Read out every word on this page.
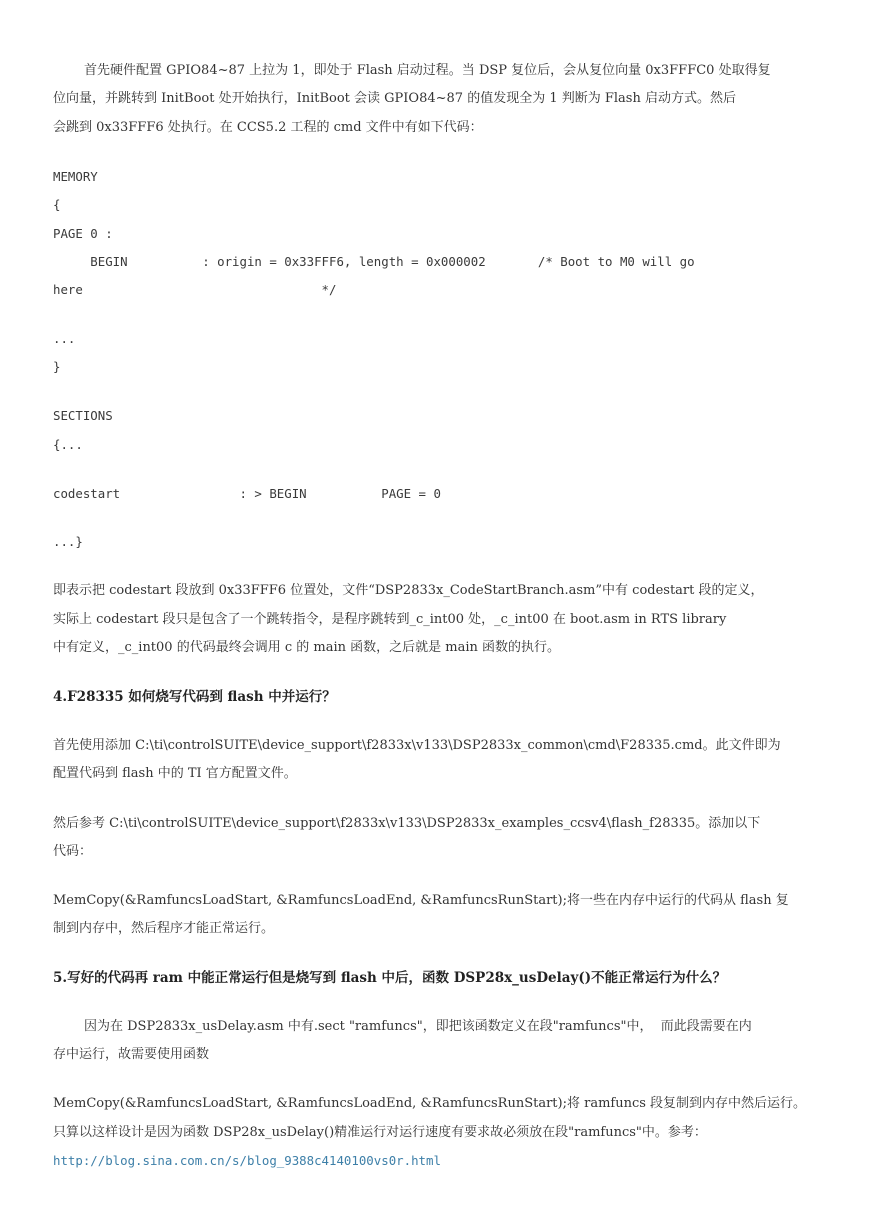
首先硬件配置 GPIO84~87 上拉为 1，即处于 Flash 启动过程。当 DSP 复位后，会从复位向量 0x3FFFC0 处取得复
位向量，并跳转到 InitBoot 处开始执行，InitBoot 会读 GPIO84~87 的值发现全为 1 判断为 Flash 启动方式。然后
会跳到 0x33FFF6 处执行。在 CCS5.2 工程的 cmd 文件中有如下代码：
MEMORY
{
PAGE 0 :
BEGIN          : origin = 0x33FFF6, length = 0x000002       /* Boot to M0 will go
here                                */
...
}
SECTIONS
{...
codestart                : > BEGIN          PAGE = 0
...}
即表示把 codestart 段放到 0x33FFF6 位置处，文件“DSP2833x_CodeStartBranch.asm”中有 codestart 段的定义，
实际上 codestart 段只是包含了一个跳转指令，是程序跳转到_c_int00 处，_c_int00 在 boot.asm in RTS library
中有定义，_c_int00 的代码最终会调用 c 的 main 函数，之后就是 main 函数的执行。
4.F28335 如何烧写代码到 flash 中并运行？
首先使用添加 C:\ti\controlSUITE\device_support\f2833x\v133\DSP2833x_common\cmd\F28335.cmd。此文件即为
配置代码到 flash 中的 TI 官方配置文件。
然后参考 C:\ti\controlSUITE\device_support\f2833x\v133\DSP2833x_examples_ccsv4\flash_f28335。添加以下
代码：
MemCopy(&RamfuncsLoadStart, &RamfuncsLoadEnd, &RamfuncsRunStart);将一些在内存中运行的代码从 flash 复
制到内存中，然后程序才能正常运行。
5.写好的代码再 ram 中能正常运行但是烧写到 flash 中后，函数 DSP28x_usDelay()不能正常运行为什么？
因为在 DSP2833x_usDelay.asm 中有.sect "ramfuncs"，即把该函数定义在段"ramfuncs"中，  而此段需要在内
存中运行，故需要使用函数
MemCopy(&RamfuncsLoadStart, &RamfuncsLoadEnd, &RamfuncsRunStart);将 ramfuncs 段复制到内存中然后运行。
只算以这样设计是因为函数 DSP28x_usDelay()精准运行对运行速度有要求故必须放在段"ramfuncs"中。参考：
http://blog.sina.com.cn/s/blog_9388c4140100vs0r.html
